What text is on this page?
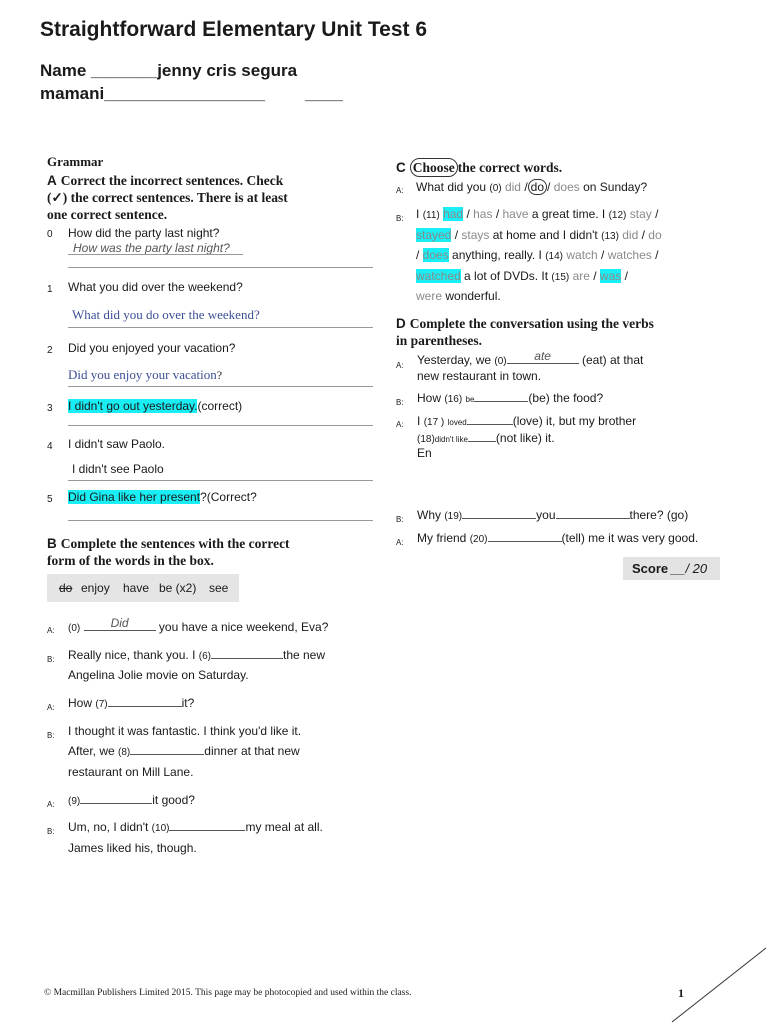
Straightforward Elementary Unit Test 6
Name _______jenny cris segura
mamani_________________ ____
Grammar
A Correct the incorrect sentences. Check
(✓) the correct sentences. There is at least
one correct sentence.
0 How did the party last night?
How was the party last night?
1 What you did over the weekend?
What did you do over the weekend?
2 Did you enjoyed your vacation?
Did you enjoy your vacation?
3 I didn't go out yesterday.(correct)
4 I didn't saw Paolo.
I didn't see Paolo
5 Did Gina like her present?(Correct?
B Complete the sentences with the correct
form of the words in the box.
do enjoy have be (x2) see
A: (0)	Did	you have a nice weekend, Eva?
B: Really nice, thank you. I (6)	the new
Angelina Jolie movie on Saturday.
A: How (7)	it?
B: I thought it was fantastic. I think you'd like it.
After, we (8)	dinner at that new
restaurant on Mill Lane.
A: (9)	it good?
B: Um, no, I didn't (10)	my meal at all.
James liked his, though.
C Choose the correct words.
A: What did you (0) did / do / does on Sunday?
B: I (11) had / has / have a great time. I (12) stay /
stayed / stays at home and I didn't (13) did / do
/ does anything, really. I (14) watch / watches /
watched a lot of DVDs. It (15) are / was /
were wonderful.
D Complete the conversation using the verbs
in parentheses.
A: Yesterday, we (0) ate	(eat) at that
new restaurant in town.
B: How (16) be	(be) the food?
A: I (17 ) loved	(love) it, but my brother
(18)didn't like (not like) it.
En
B: Why (19)	you	there? (go)
A: My friend (20)	(tell) me it was very good.
Score __/ 20
© Macmillan Publishers Limited 2015. This page may be photocopied and used within the class.	1
